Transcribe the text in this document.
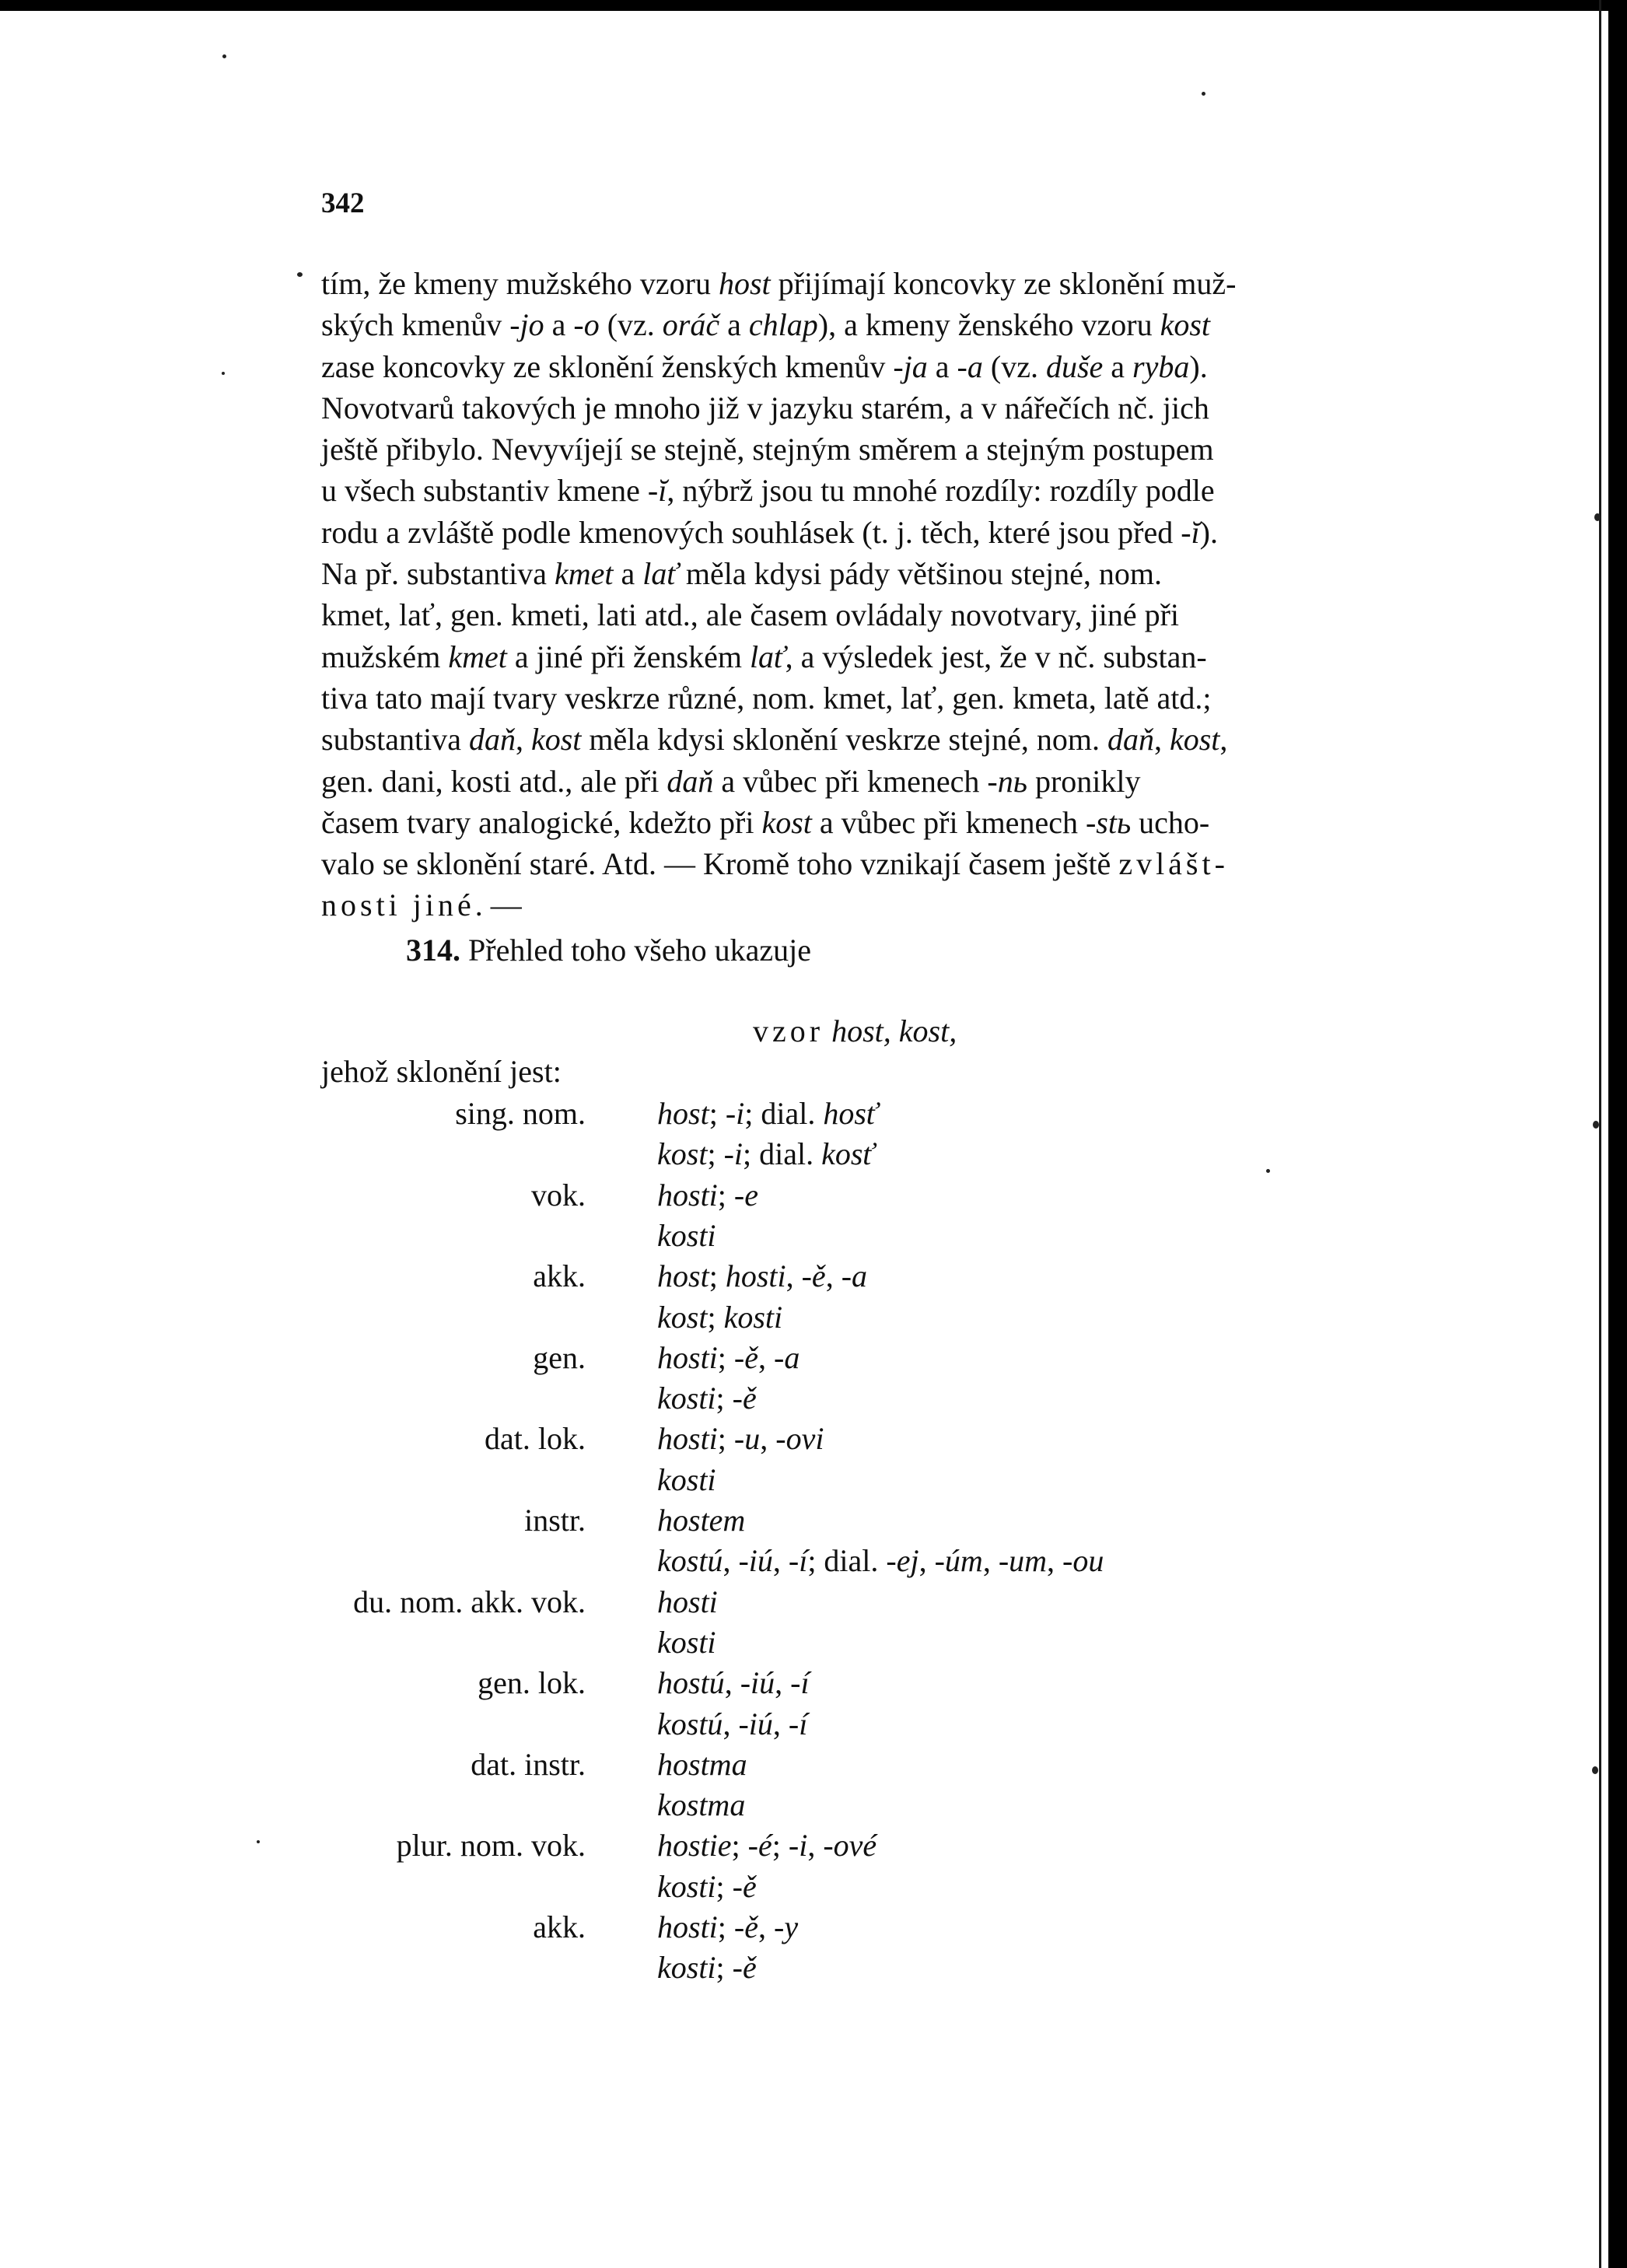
342
tím, že kmeny mužského vzoru host přijímají koncovky ze sklonění muž-
ských kmenův -jo a -o (vz. oráč a chlap), a kmeny ženského vzoru kost
zase koncovky ze sklonění ženských kmenův -ja a -a (vz. duše a ryba).
Novotvarů takových je mnoho již v jazyku starém, a v nářečích nč. jich
ještě přibylo. Nevyvíjejí se stejně, stejným směrem a stejným postupem
u všech substantiv kmene -ĭ, nýbrž jsou tu mnohé rozdíly: rozdíly podle
rodu a zvláště podle kmenových souhlásek (t. j. těch, které jsou před -ĭ).
Na př. substantiva kmet a lať měla kdysi pády většinou stejné, nom.
kmet, lať, gen. kmeti, lati atd., ale časem ovládaly novotvary, jiné při
mužském kmet a jiné při ženském lať, a výsledek jest, že v nč. substan-
tiva tato mají tvary veskrze různé, nom. kmet, lať, gen. kmeta, latě atd.;
substantiva daň, kost měla kdysi sklonění veskrze stejné, nom. daň, kost,
gen. dani, kosti atd., ale při daň a vůbec při kmenech -nь pronikly
časem tvary analogické, kdežto při kost a vůbec při kmenech -stь ucho-
valo se sklonění staré. Atd. — Kromě toho vznikají časem ještě zvlášt-
nosti jiné. —
314. Přehled toho všeho ukazuje
vzor host, kost,
jehož sklonění jest:
sing. nom. host; -i; dial. hosť
kost; -i; dial. kosť
vok. hosti; -e
kosti
akk. host; hosti, -ě, -a
kost; kosti
gen. hosti; -ě, -a
kosti; -ě
dat. lok. hosti; -u, -ovi
kosti
instr. hostem
kostú, -iú, -í; dial. -ej, -úm, -um, -ou
du. nom. akk. vok. hosti
kosti
gen. lok. hostú, -iú, -í
kostú, -iú, -í
dat. instr. hostma
kostma
plur. nom. vok. hostie; -é; -i, -ové
kosti; -ě
akk. hosti; -ě, -y
kosti; -ě
